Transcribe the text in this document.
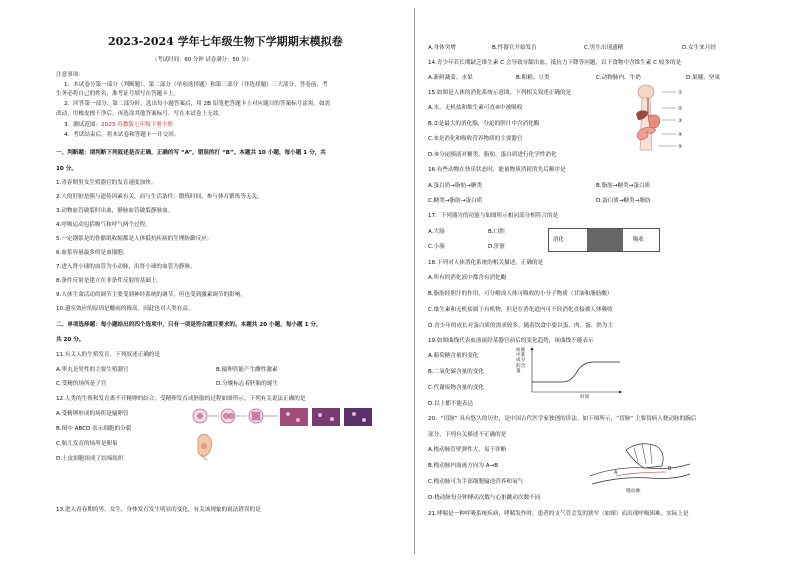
2023-2024 学年七年级生物下学期期末模拟卷
（考试时间：60 分钟 试卷满分：50 分）
注意事项：
1．本试卷分第一部分（判断题）、第二部分（单项选择题）和第三部分（非选择题）三大部分。答卷前，考
生务必将自己的姓名、准考证号填写在答题卡上。
2．回答第一部分、第二部分时，选出每小题答案后，用 2B 铅笔把答题卡上对应题目的答案标号涂黑。如需
改动，用橡皮擦干净后，再选涂其他答案标号。写在本试卷上无效。
3．测试范围：2023 苏教版七年级下册全册
4．考试结束后，将本试卷和答题卡一并交回。
一、判断题：请判断下列叙述是否正确，正确的写 “A”，错误的打 “B”。本题共 10 小题，每小题 1 分，共
10 分。
1.青春期男女生殖器官的发育速度加快。
2.人的肝脏是胰与遗传因素有关，而与生活条件、锻炼时间、参与体育锻炼等无关。
3.动物血管破裂时出血，静脉血管破裂静脉血。
4.呼吸运动包括吸气和呼气两个过程。
5.一定钢浆是的骨骼肌收缩都是人体抵抗疾病的生理防御反应。
6.血浆容量最多的是血细胞。
7.进入肾小球的血管为小动脉，出肾小球的血管为静脉。
8.条件反射是建立在非条件反射的基础上。
9.人体生命活动的调节主要受到神经系统的调节，但也受到激素调节的影响。
10.遗室效应的原因是酸雨的推高，因此也对人类有益。
二、单项选择题：每小题给出的四个选项中，只有一项是符合题目要求的。本题共 20 小题，每小题 1 分，
共 20 分。
11.有关人的生殖发育，下列叙述正确的是
A.睾丸是男性的主要生殖器官	B.输卵管能产生雌性激素
C.受精的场所是子宫	D.分娩标志着胚胎的诞生
12.人类的生殖和发育离不开精卵的结合，受精卵发育成胚胎的过程如图所示。下列有关说法正确的是
A.受精卵形成的场所是输卵管
B.图中 ABCD 表示细胞的分裂
C.胎儿发育的场所是卵巢
D.上皮细胞组成了结缔组织
13.进入青春期的男、女生，身体发育发生明显的变化，有关该现象的说法错误的是
A.身体突增	B.性器官开始发育	C.男生出现遗精	D.女生来月经
14.青少年若长期缺乏维生素 C 会导致牙龈出血、抵抗力下降等问题，以下食物中含维生素 C 较多的是
A.新鲜蔬菜、水果	B.粗粮、豆类	C.动物肺内、牛奶	D.果脯、坚果
15.如图是人体的消化系统示意图，下列相关叙述正确的是
A.水、无机盐和维生素可直⑥中被吸收
B.②是最大的消化腺，分泌的胆汁中含消化酶
C.⑤是消化和吸收营养物质的主要器官
D.⑥分泌胰液对糖类、脂肪、蛋白质进行化学性消化
①
②
③
④
⑤
16.有些动物在快乐状态时，能量物质消耗的先后顺序是
A.蛋白质→脂肪→糖类	B.脂肪→糖类→蛋白质
C.糖类→脂肪→蛋白质	D.蛋白质→糖类→脂肪
17．下列器官的功能与如图所示相同部分相符合的是
A.大肠	B.口腔
C.小肠	D.肝脏
消化	吸收
18.下列对人体消化系统的相关描述，正确的是
A.所有的消化液中都含有消化酶
B.脂肪经胆汁的作用，可分解成人体可吸收的小分子物质（甘油和脂肪酸）
C.维生素和无机盐属于有机物，但是在消化道内可不经消化直接被人体吸收
D.青少年的成长对蛋白质的需求较多，随着饮食中要以蛋、肉、蛋、奶为主
19.如图曲线代表血液流经某器官前后的变化趋势，该曲线不能表示
A.葡萄糖含量的变化
B.二氧化碳含量的变化
C.代谢废物含量的变化
D.以上都不能表达
血液中某成分的含量
时间
20．“切脉” 具有悠久的历史，是中国古代医学家独创的诊法。如下图所示，“切脉” 主要切病人桡动脉的腕后
部分，下列有关描述不正确的是
A.桡动脉管壁弹性大，易于诊断
B.桡动脉内血流方向为 A→B
C.桡动脉可为手部细胞输送营养和氧气
D.桡动脉每分钟搏动次数与心脏跳动次数不同
A
B
桡动脉
21.哮喘是一种呼吸系统疾病，哮喘发作时，患者的支气管会发的狭窄（如图）而出现呼吸困难，实际上是
